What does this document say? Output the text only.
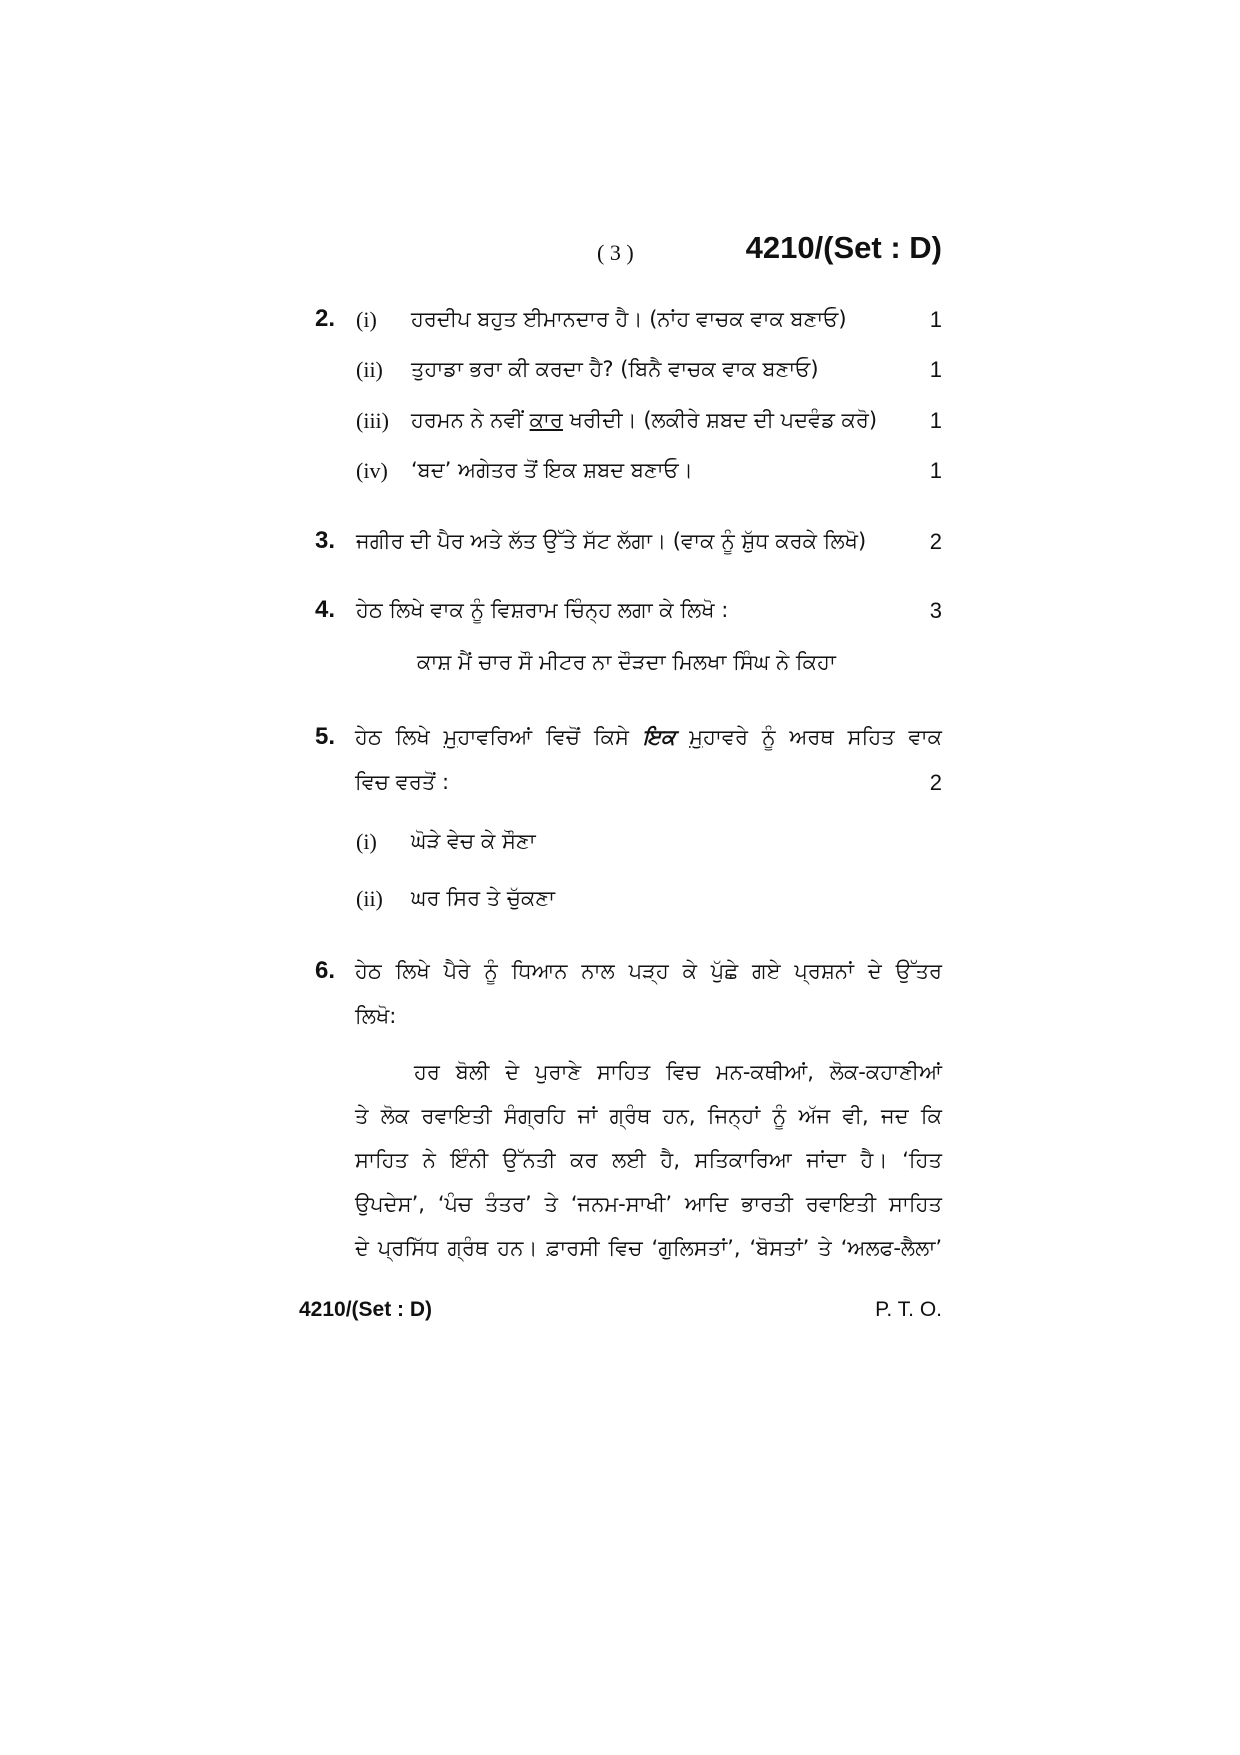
( 3 )	4210/(Set : D)
2. (i) ਹਰਦੀਪ ਬਹੁਤ ਈਮਾਨਦਾਰ ਹੈ। (ਨਾਂਹ ਵਾਚਕ ਵਾਕ ਬਣਾਓ)	1
(ii) ਤੁਹਾਡਾ ਭਰਾ ਕੀ ਕਰਦਾ ਹੈ? (ਬਿਨੈ ਵਾਚਕ ਵਾਕ ਬਣਾਓ)	1
(iii) ਹਰਮਨ ਨੇ ਨਵੀਂ ਕਾਰ ਖਰੀਦੀ। (ਲਕੀਰੇ ਸ਼ਬਦ ਦੀ ਪਦਵੰਡ ਕਰੋ) 1
(iv) ‘ਬਦ’ ਅਗੇਤਰ ਤੋਂ ਇਕ ਸ਼ਬਦ ਬਣਾਓ।	1
3. ਜਗੀਰ ਦੀ ਪੈਰ ਅਤੇ ਲੱਤ ਉੱਤੇ ਸੱਟ ਲੱਗਾ। (ਵਾਕ ਨੂੰ ਸ਼ੁੱਧ ਕਰਕੇ ਲਿਖੋ)	2
4. ਹੇਠ ਲਿਖੇ ਵਾਕ ਨੂੰ ਵਿਸ਼ਰਾਮ ਚਿੰਨ੍ਹ ਲਗਾ ਕੇ ਲਿਖੋ :	3
ਕਾਸ਼ ਮੈਂ ਚਾਰ ਸੌ ਮੀਟਰ ਨਾ ਦੌੜਦਾ ਮਿਲਖਾ ਸਿੰਘ ਨੇ ਕਿਹਾ
5. ਹੇਠ ਲਿਖੇ ਮੁਹਾਵਰਿਆਂ ਵਿਚੋਂ ਕਿਸੇ ਇਕ ਮੁਹਾਵਰੇ ਨੂੰ ਅਰਥ ਸਹਿਤ ਵਾਕ
ਵਿਚ ਵਰਤੋਂ :	2
(i) ਘੋੜੇ ਵੇਚ ਕੇ ਸੌਣਾ
(ii) ਘਰ ਸਿਰ ਤੇ ਚੁੱਕਣਾ
6. ਹੇਠ ਲਿਖੇ ਪੈਰੇ ਨੂੰ ਧਿਆਨ ਨਾਲ ਪੜ੍ਹ ਕੇ ਪੁੱਛੇ ਗਏ ਪ੍ਰਸ਼ਨਾਂ ਦੇ ਉੱਤਰ
ਲਿਖੋ:
ਹਰ ਬੋਲੀ ਦੇ ਪੁਰਾਣੇ ਸਾਹਿਤ ਵਿਚ ਮਨ-ਕਥੀਆਂ, ਲੋਕ-ਕਹਾਣੀਆਂ
ਤੇ ਲੋਕ ਰਵਾਇਤੀ ਸੰਗ੍ਰਹਿ ਜਾਂ ਗ੍ਰੰਥ ਹਨ, ਜਿਨ੍ਹਾਂ ਨੂੰ ਅੱਜ ਵੀ, ਜਦ ਕਿ
ਸਾਹਿਤ ਨੇ ਇੰਨੀ ਉੱਨਤੀ ਕਰ ਲਈ ਹੈ, ਸਤਿਕਾਰਿਆ ਜਾਂਦਾ ਹੈ। ‘ਹਿਤ
ਉਪਦੇਸ’, ‘ਪੰਚ ਤੰਤਰ’ ਤੇ ‘ਜਨਮ-ਸਾਖੀ’ ਆਦਿ ਭਾਰਤੀ ਰਵਾਇਤੀ ਸਾਹਿਤ
ਦੇ ਪ੍ਰਸਿੱਧ ਗ੍ਰੰਥ ਹਨ। ਫ਼ਾਰਸੀ ਵਿਚ ‘ਗੁਲਿਸਤਾਂ’, ‘ਬੋਸਤਾਂ’ ਤੇ ‘ਅਲਫ-ਲੈਲਾ’
4210/(Set : D)	P. T. O.
